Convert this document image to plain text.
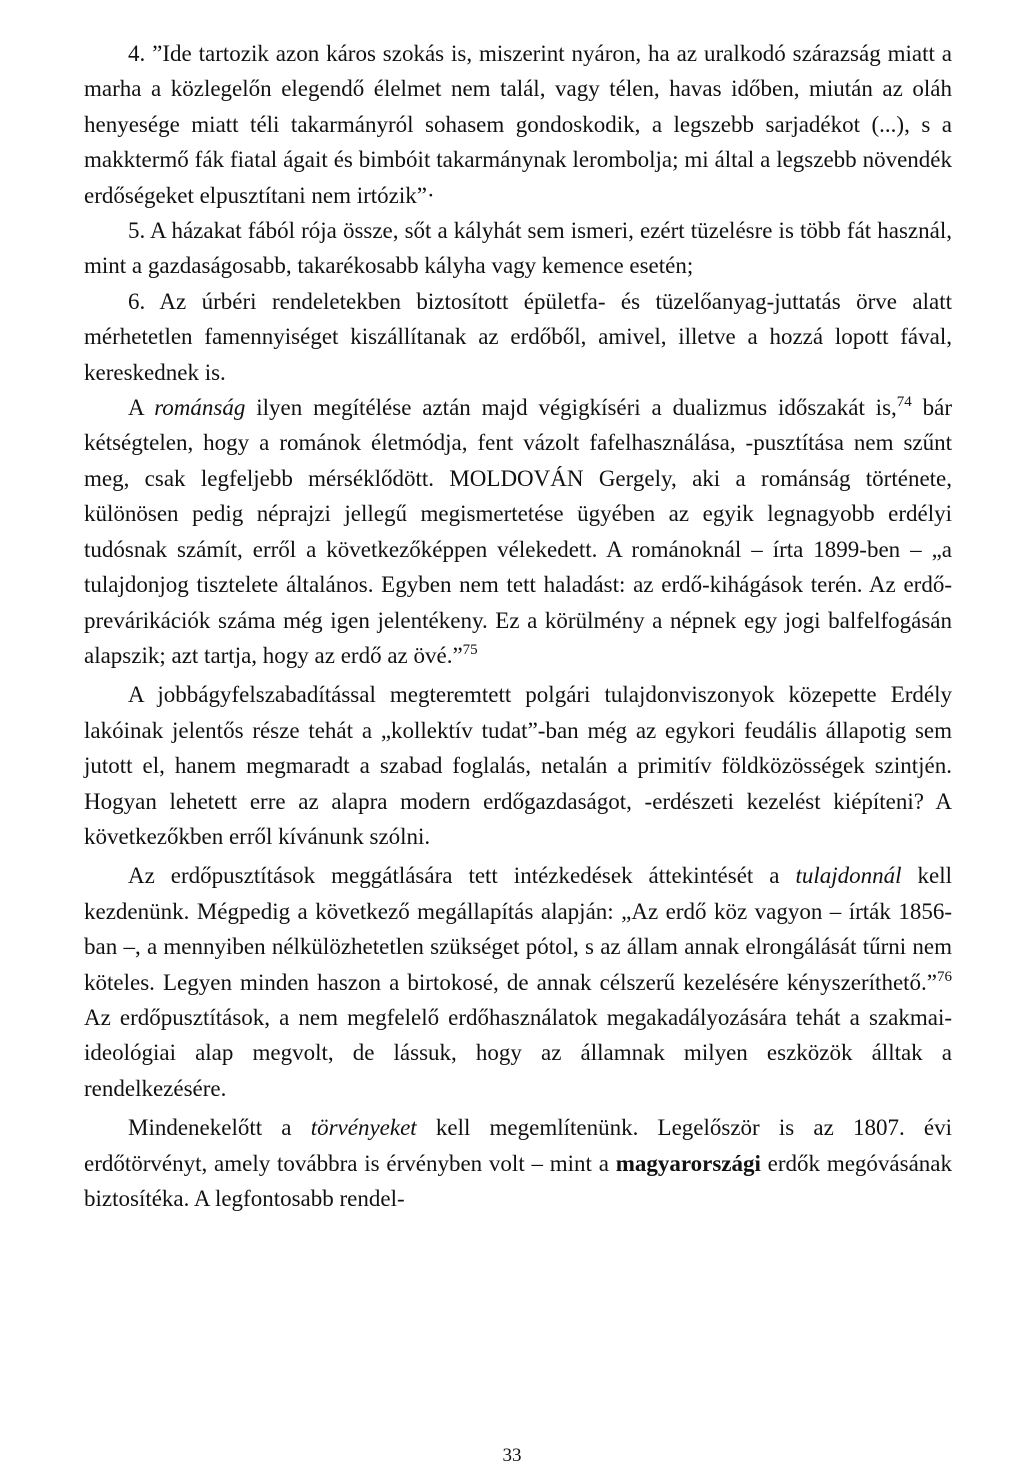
4. ”Ide tartozik azon káros szokás is, miszerint nyáron, ha az uralkodó szárazság miatt a marha a közlegelőn elegendő élelmet nem talál, vagy télen, havas időben, miután az oláh henyesége miatt téli takarmányról sohasem gondoskodik, a legszebb sarjadékot (...), s a makktermő fák fiatal ágait és bimbóit takarmánynak lerombolja; mi által a legszebb növendék erdőségeket elpusztítani nem irtózik”·

5. A házakat fából rója össze, sőt a kályhát sem ismeri, ezért tüzelésre is több fát használ, mint a gazdaságosabb, takarékosabb kályha vagy kemence esetén;

6. Az úrbéri rendeletekben biztosított épületfa- és tüzelőanyag-juttatás örve alatt mérhetetlen famennyiséget kiszállítanak az erdőből, amivel, illetve a hozzá lopott fával, kereskednek is.

A románság ilyen megítélése aztán majd végigkíséri a dualizmus időszakát is,$^{74}$ bár kétségtelen, hogy a románok életmódja, fent vázolt fafelhasználása, -pusztítása nem szűnt meg, csak legfeljebb mérséklődött. MOLDOVÁN Gergely, aki a románság története, különösen pedig néprajzi jellegű megismertetése ügyében az egyik legnagyobb erdélyi tudósnak számít, erről a következőképpen vélekedett. A románoknál – írta 1899-ben – „a tulajdonjog tisztelete általános. Egyben nem tett haladást: az erdő-kihágások terén. Az erdő-prevárikációk száma még igen jelentékeny. Ez a körülmény a népnek egy jogi balfelfogásán alapszik; azt tartja, hogy az erdő az övé.”$^{75}$

A jobbágyfelszabadítással megteremtett polgári tulajdonviszonyok közepette Erdély lakóinak jelentős része tehát a „kollektív tudat”-ban még az egykori feudális állapotig sem jutott el, hanem megmaradt a szabad foglalás, netalán a primitív földközösségek szintjén. Hogyan lehetett erre az alapra modern erdőgazdaságot, -erdészeti kezelést kiépíteni? A következőkben erről kívánunk szólni.

Az erdőpusztítások meggátlására tett intézkedések áttekintését a tulajdonnál kell kezdenünk. Mégpedig a következő megállapítás alapján: „Az erdő köz vagyon – írták 1856-ban –, a mennyiben nélkülözhetetlen szükséget pótol, s az állam annak elrongálását tűrni nem köteles. Legyen minden haszon a birtokosé, de annak célszerű kezelésére kényszeríthető.”$^{76}$ Az erdőpusztítások, a nem megfelelő erdőhasználatok megakadályozására tehát a szakmai-ideológiai alap megvolt, de lássuk, hogy az államnak milyen eszközök álltak a rendelkezésére.

Mindenekelőtt a törvényeket kell megemlítenünk. Legelőször is az 1807. évi erdőtörvényt, amely továbbra is érvényben volt – mint a magyarországi erdők megóvásának biztosítéka. A legfontosabb rendel-

33
